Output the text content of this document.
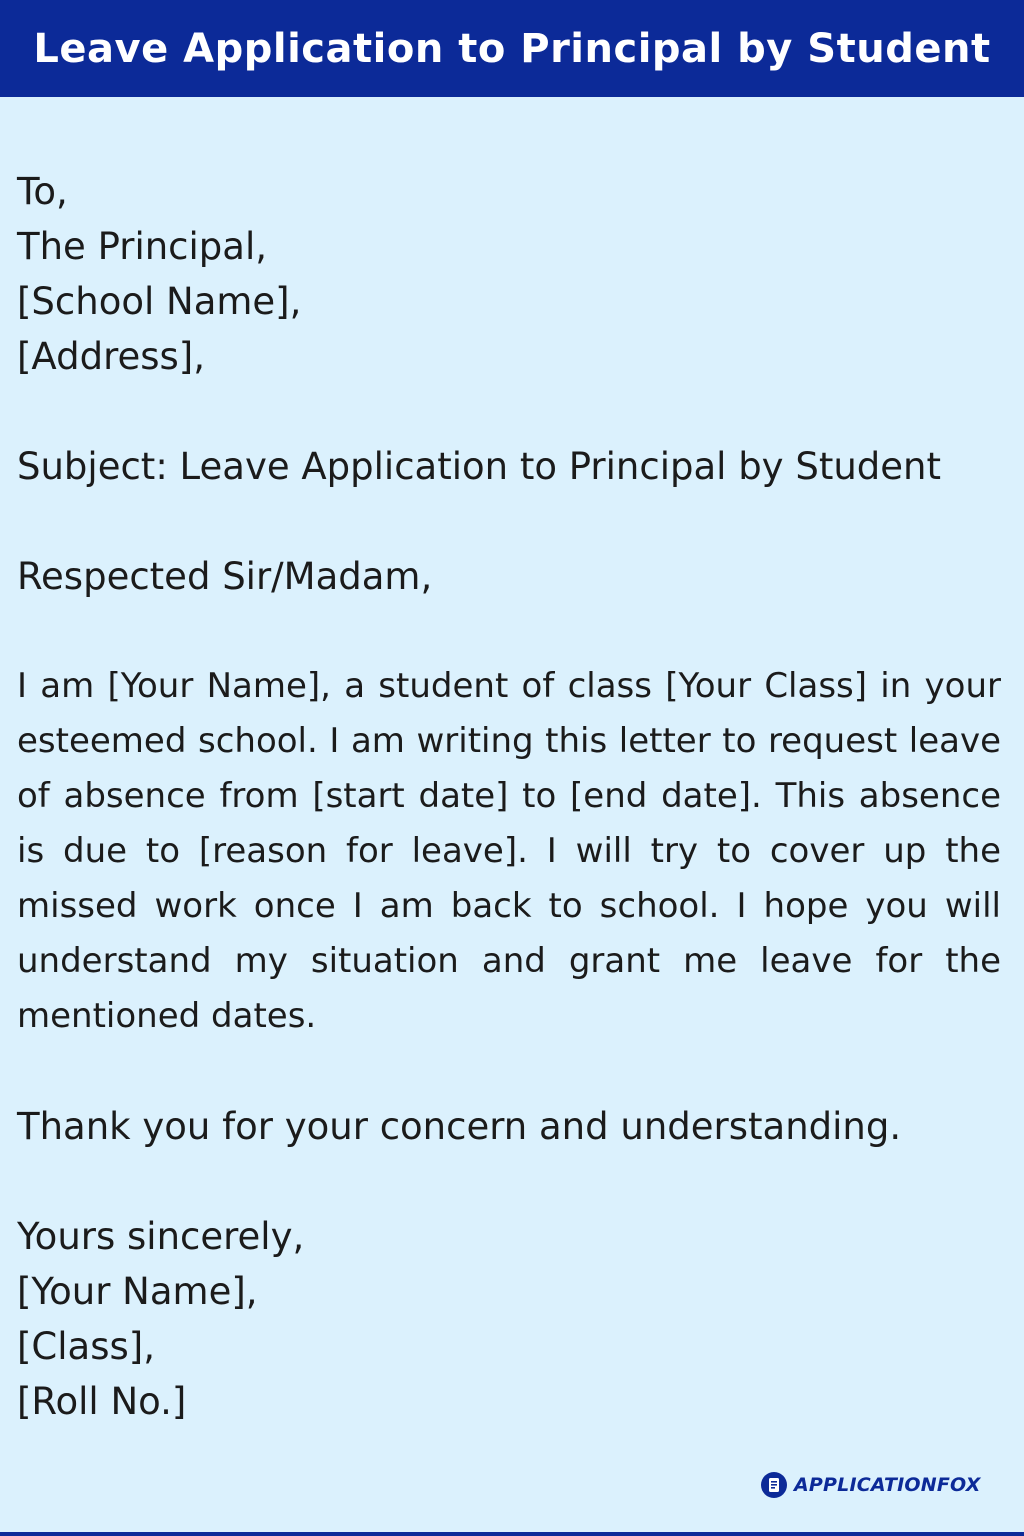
Leave Application to Principal by Student
To,
The Principal,
[School Name],
[Address],
Subject: Leave Application to Principal by Student
Respected Sir/Madam,
I am [Your Name], a student of class [Your Class] in your esteemed school. I am writing this letter to request leave of absence from [start date] to [end date]. This absence is due to [reason for leave]. I will try to cover up the missed work once I am back to school. I hope you will understand my situation and grant me leave for the mentioned dates.
Thank you for your concern and understanding.
Yours sincerely,
[Your Name],
[Class],
[Roll No.]
APPLICATIONFOX
